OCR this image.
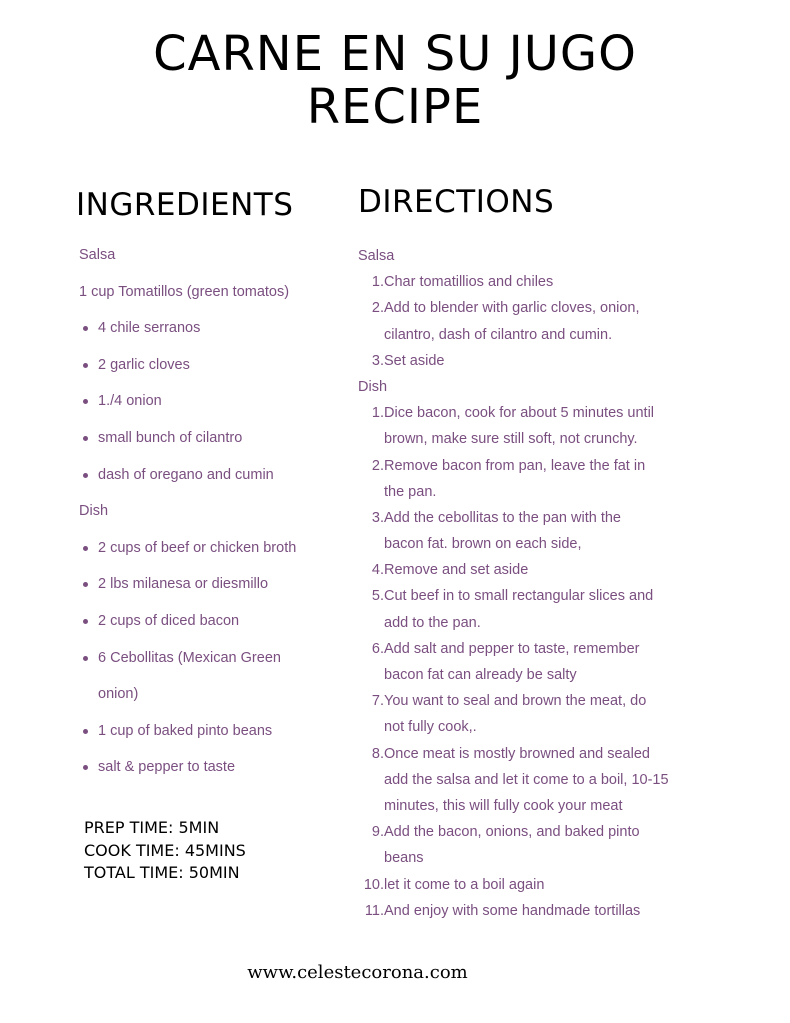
CARNE EN SU JUGO
RECIPE
INGREDIENTS DIRECTIONS
Salsa
1 cup Tomatillos (green tomatos)
4 chile serranos
2 garlic cloves
1./4 onion
small bunch of cilantro
dash of oregano and cumin
Dish
2 cups of beef or chicken broth
2 lbs milanesa or diesmillo
2 cups of diced bacon
6 Cebollitas (Mexican Green
onion)
1 cup of baked pinto beans
salt & pepper to taste
PREP TIME: 5MIN
COOK TIME: 45MINS
TOTAL TIME: 50MIN
Salsa
1.Char tomatillios and chiles
2.Add to blender with garlic cloves, onion,
cilantro, dash of cilantro and cumin.
3.Set aside
Dish
1.Dice bacon, cook for about 5 minutes until
brown, make sure still soft, not crunchy.
2.Remove bacon from pan, leave the fat in
the pan.
3.Add the cebollitas to the pan with the
bacon fat. brown on each side,
4.Remove and set aside
5.Cut beef in to small rectangular slices and
add to the pan.
6.Add salt and pepper to taste, remember
bacon fat can already be salty
7.You want to seal and brown the meat, do
not fully cook,.
8.Once meat is mostly browned and sealed
add the salsa and let it come to a boil, 10-15
minutes, this will fully cook your meat
9.Add the bacon, onions, and baked pinto
beans
10.let it come to a boil again
11.And enjoy with some handmade tortillas
www.celestecorona.com
